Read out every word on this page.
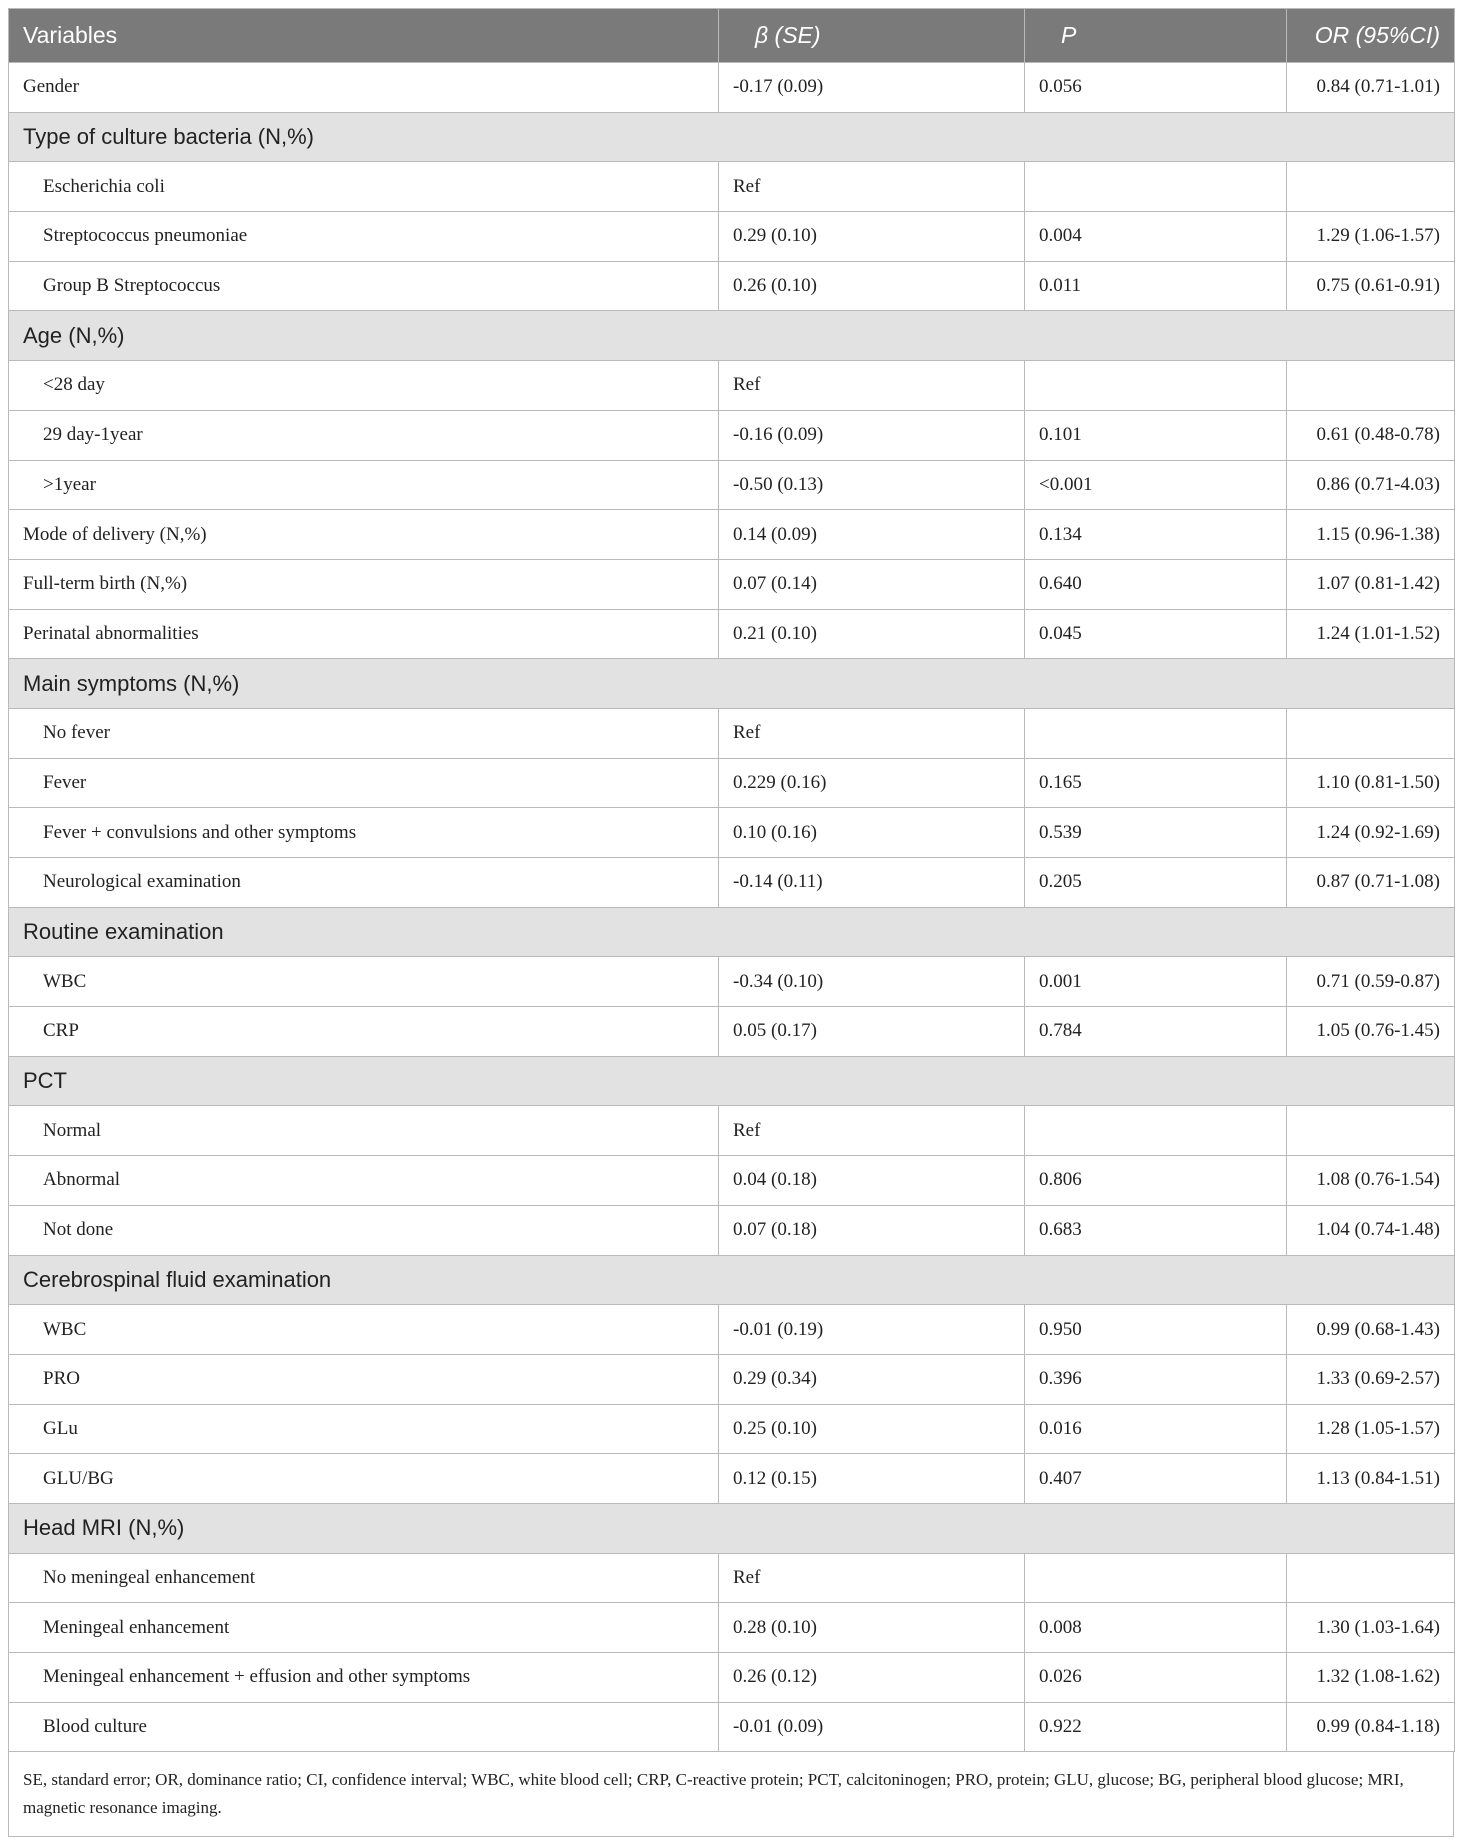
Variables	β (SE)	P	OR (95%CI)
Gender	-0.17 (0.09)	0.056	0.84 (0.71-1.01)
Type of culture bacteria (N,%)			
Escherichia coli	Ref		
Streptococcus pneumoniae	0.29 (0.10)	0.004	1.29 (1.06-1.57)
Group B Streptococcus	0.26 (0.10)	0.011	0.75 (0.61-0.91)
Age (N,%)			
<28 day	Ref		
29 day-1year	-0.16 (0.09)	0.101	0.61 (0.48-0.78)
>1year	-0.50 (0.13)	<0.001	0.86 (0.71-4.03)
Mode of delivery (N,%)	0.14 (0.09)	0.134	1.15 (0.96-1.38)
Full-term birth (N,%)	0.07 (0.14)	0.640	1.07 (0.81-1.42)
Perinatal abnormalities	0.21 (0.10)	0.045	1.24 (1.01-1.52)
Main symptoms (N,%)			
No fever	Ref		
Fever	0.229 (0.16)	0.165	1.10 (0.81-1.50)
Fever + convulsions and other symptoms	0.10 (0.16)	0.539	1.24 (0.92-1.69)
Neurological examination	-0.14 (0.11)	0.205	0.87 (0.71-1.08)
Routine examination			
WBC	-0.34 (0.10)	0.001	0.71 (0.59-0.87)
CRP	0.05 (0.17)	0.784	1.05 (0.76-1.45)
PCT			
Normal	Ref		
Abnormal	0.04 (0.18)	0.806	1.08 (0.76-1.54)
Not done	0.07 (0.18)	0.683	1.04 (0.74-1.48)
Cerebrospinal fluid examination			
WBC	-0.01 (0.19)	0.950	0.99 (0.68-1.43)
PRO	0.29 (0.34)	0.396	1.33 (0.69-2.57)
GLu	0.25 (0.10)	0.016	1.28 (1.05-1.57)
GLU/BG	0.12 (0.15)	0.407	1.13 (0.84-1.51)
Head MRI (N,%)			
No meningeal enhancement	Ref		
Meningeal enhancement	0.28 (0.10)	0.008	1.30 (1.03-1.64)
Meningeal enhancement + effusion and other symptoms	0.26 (0.12)	0.026	1.32 (1.08-1.62)
Blood culture	-0.01 (0.09)	0.922	0.99 (0.84-1.18)
SE, standard error; OR, dominance ratio; CI, confidence interval; WBC, white blood cell; CRP, C-reactive protein; PCT, calcitoninogen; PRO, protein; GLU, glucose; BG, peripheral blood glucose; MRI, magnetic resonance imaging.
